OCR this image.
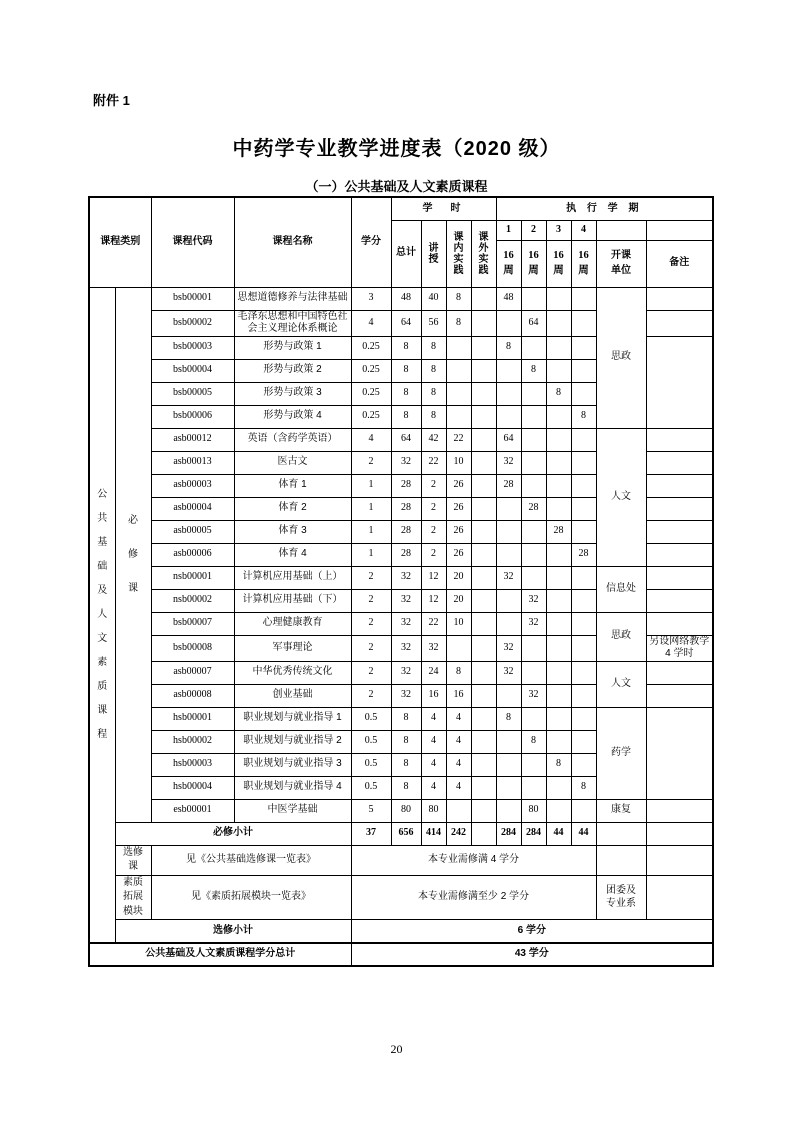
附件 1
中药学专业教学进度表（2020 级）
（一）公共基础及人文素质课程
课程类别		课程代码	课程名称	学分	学　时				执 行 学 期					
					总计	讲授	课内实践	课外实践	1	2	3	4		

									16周	16周	16周	16周	开课单位	备注

公共基础及人文素质课程	必修课	bsb00001	思想道德修养与法律基础	3	48	40	8		48				思政	
		bsb00002	毛泽东思想和中国特色社会主义理论体系概论	4	64	56	8			64				
		bsb00003	形势与政策 1	0.25	8	8			8					
		bsb00004	形势与政策 2	0.25	8	8				8				
		bsb00005	形势与政策 3	0.25	8	8					8			
		bsb00006	形势与政策 4	0.25	8	8						8		
		asb00012	英语（含药学英语）	4	64	42	22		64				人文	
		asb00013	医古文	2	32	22	10		32					
		asb00003	体育 1	1	28	2	26		28					
		asb00004	体育 2	1	28	2	26			28				
		asb00005	体育 3	1	28	2	26				28			
		asb00006	体育 4	1	28	2	26					28		
		nsb00001	计算机应用基础（上）	2	32	12	20		32				信息处	
		nsb00002	计算机应用基础（下）	2	32	12	20			32				
		bsb00007	心理健康教育	2	32	22	10			32			思政	
		bsb00008	军事理论	2	32	32			32					另设网络教学 4 学时
		asb00007	中华优秀传统文化	2	32	24	8		32				人文	
		asb00008	创业基础	2	32	16	16			32				
		hsb00001	职业规划与就业指导 1	0.5	8	4	4		8				药学	
		hsb00002	职业规划与就业指导 2	0.5	8	4	4			8				
		hsb00003	职业规划与就业指导 3	0.5	8	4	4				8			
		hsb00004	职业规划与就业指导 4	0.5	8	4	4					8		
		esb00001	中医学基础	5	80	80				80			康复	
	必修小计			37	656	414	242		284	284	44	44		

	选修课	见《公共基础选修课一览表》		本专业需修满 4 学分										

	素质拓展模块	见《素质拓展模块一览表》		本专业需修满至少 2 学分									团委及专业系	

	选修小计			6 学分										
公共基础及人文素质课程学分总计				43 学分										
20
